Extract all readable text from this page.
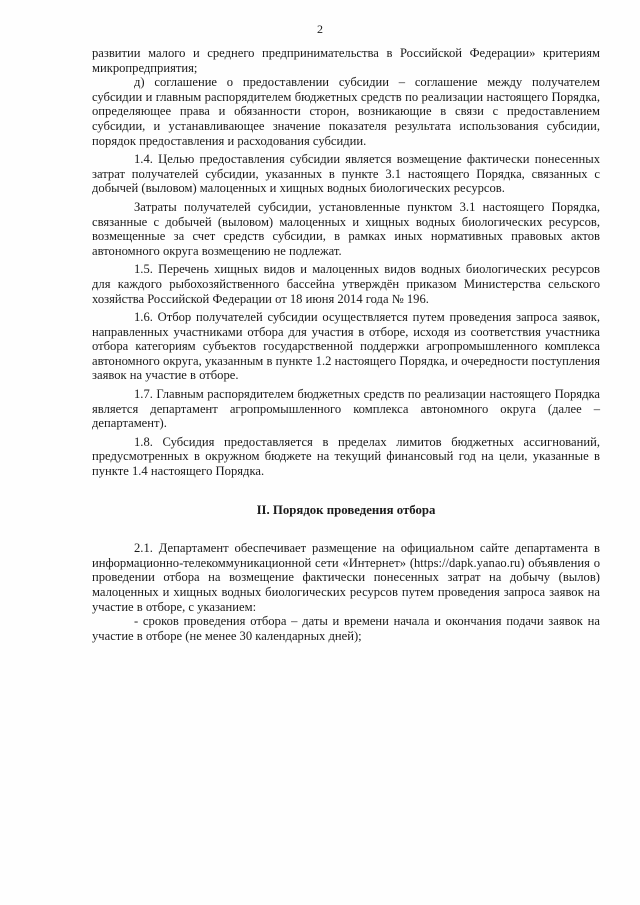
2

развитии малого и среднего предпринимательства в Российской Федерации» критериям микропредприятия;

д) соглашение о предоставлении субсидии – соглашение между получателем субсидии и главным распорядителем бюджетных средств по реализации настоящего Порядка, определяющее права и обязанности сторон, возникающие в связи с предоставлением субсидии, и устанавливающее значение показателя результата использования субсидии, порядок предоставления и расходования субсидии.

1.4. Целью предоставления субсидии является возмещение фактически понесенных затрат получателей субсидии, указанных в пункте 3.1 настоящего Порядка, связанных с добычей (выловом) малоценных и хищных водных биологических ресурсов.

Затраты получателей субсидии, установленные пунктом 3.1 настоящего Порядка, связанные с добычей (выловом) малоценных и хищных водных биологических ресурсов, возмещенные за счет средств субсидии, в рамках иных нормативных правовых актов автономного округа возмещению не подлежат.

1.5. Перечень хищных видов и малоценных видов водных биологических ресурсов для каждого рыбохозяйственного бассейна утверждён приказом Министерства сельского хозяйства Российской Федерации от 18 июня 2014 года № 196.

1.6. Отбор получателей субсидии осуществляется путем проведения запроса заявок, направленных участниками отбора для участия в отборе, исходя из соответствия участника отбора категориям субъектов государственной поддержки агропромышленного комплекса автономного округа, указанным в пункте 1.2 настоящего Порядка, и очередности поступления заявок на участие в отборе.

1.7. Главным распорядителем бюджетных средств по реализации настоящего Порядка является департамент агропромышленного комплекса автономного округа (далее – департамент).

1.8. Субсидия предоставляется в пределах лимитов бюджетных ассигнований, предусмотренных в окружном бюджете на текущий финансовый год на цели, указанные в пункте 1.4 настоящего Порядка.

II. Порядок проведения отбора

2.1. Департамент обеспечивает размещение на официальном сайте департамента в информационно-телекоммуникационной сети «Интернет» (https://dapk.yanao.ru) объявления о проведении отбора на возмещение фактически понесенных затрат на добычу (вылов) малоценных и хищных водных биологических ресурсов путем проведения запроса заявок на участие в отборе, с указанием:

- сроков проведения отбора – даты и времени начала и окончания подачи заявок на участие в отборе (не менее 30 календарных дней);
